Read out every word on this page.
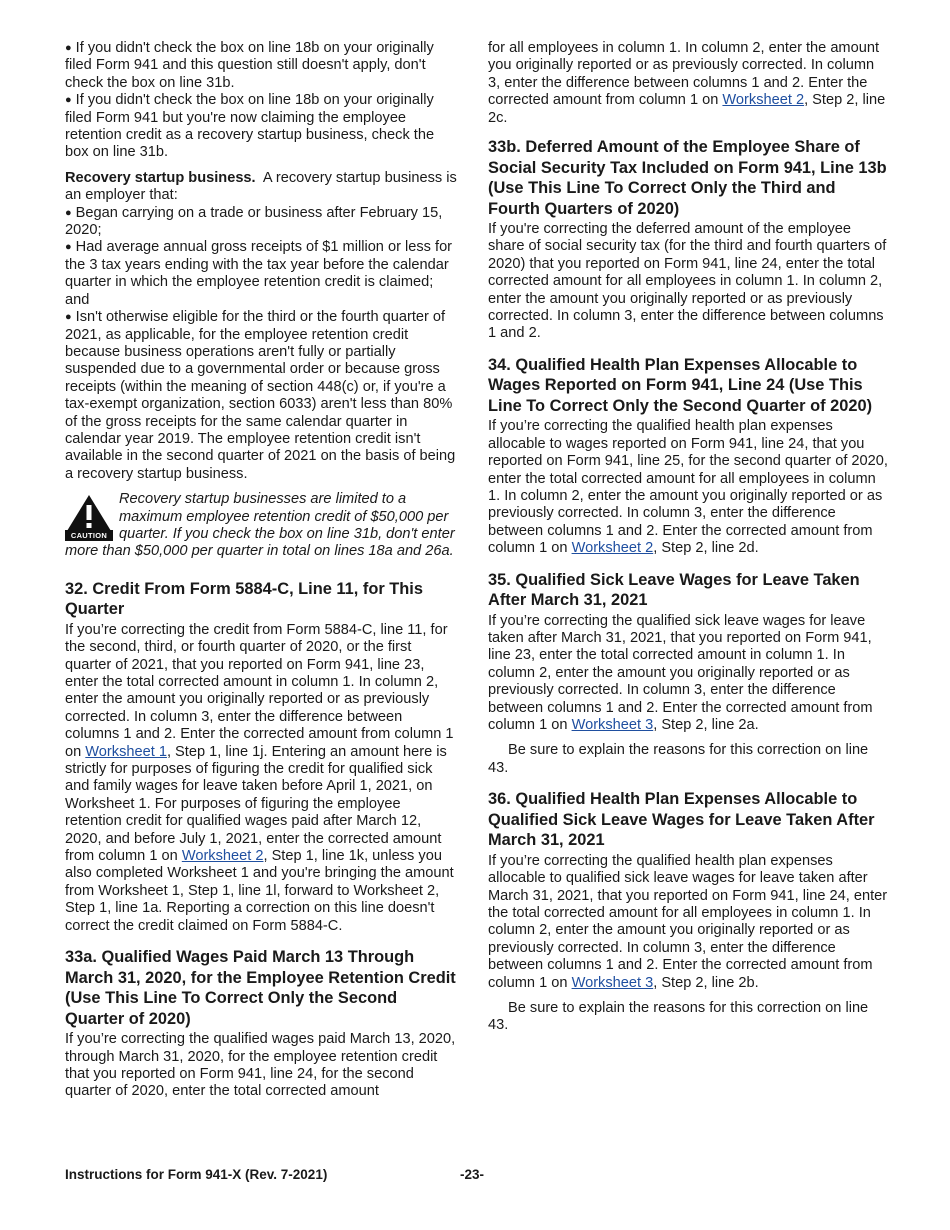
● If you didn't check the box on line 18b on your originally filed Form 941 and this question still doesn't apply, don't check the box on line 31b.

● If you didn't check the box on line 18b on your originally filed Form 941 but you're now claiming the employee retention credit as a recovery startup business, check the box on line 31b.

Recovery startup business. A recovery startup business is an employer that:

● Began carrying on a trade or business after February 15, 2020;

● Had average annual gross receipts of $1 million or less for the 3 tax years ending with the tax year before the calendar quarter in which the employee retention credit is claimed; and

● Isn't otherwise eligible for the third or the fourth quarter of 2021, as applicable, for the employee retention credit because business operations aren't fully or partially suspended due to a governmental order or because gross receipts (within the meaning of section 448(c) or, if you're a tax-exempt organization, section 6033) aren't less than 80% of the gross receipts for the same calendar quarter in calendar year 2019. The employee retention credit isn't available in the second quarter of 2021 on the basis of being a recovery startup business.

CAUTION
Recovery startup businesses are limited to a maximum employee retention credit of $50,000 per quarter. If you check the box on line 31b, don't enter more than $50,000 per quarter in total on lines 18a and 26a.
32. Credit From Form 5884-C, Line 11, for This Quarter

If you’re correcting the credit from Form 5884-C, line 11, for the second, third, or fourth quarter of 2020, or the first quarter of 2021, that you reported on Form 941, line 23, enter the total corrected amount in column 1. In column 2, enter the amount you originally reported or as previously corrected. In column 3, enter the difference between columns 1 and 2. Enter the corrected amount from column 1 on Worksheet 1, Step 1, line 1j. Entering an amount here is strictly for purposes of figuring the credit for qualified sick and family wages for leave taken before April 1, 2021, on Worksheet 1. For purposes of figuring the employee retention credit for qualified wages paid after March 12, 2020, and before July 1, 2021, enter the corrected amount from column 1 on Worksheet 2, Step 1, line 1k, unless you also completed Worksheet 1 and you're bringing the amount from Worksheet 1, Step 1, line 1l, forward to Worksheet 2, Step 1, line 1a. Reporting a correction on this line doesn't correct the credit claimed on Form 5884-C.

33a. Qualified Wages Paid March 13 Through March 31, 2020, for the Employee Retention Credit (Use This Line To Correct Only the Second Quarter of 2020)

If you’re correcting the qualified wages paid March 13, 2020, through March 31, 2020, for the employee retention credit that you reported on Form 941, line 24, for the second quarter of 2020, enter the total corrected amount

for all employees in column 1. In column 2, enter the amount you originally reported or as previously corrected. In column 3, enter the difference between columns 1 and 2. Enter the corrected amount from column 1 on Worksheet 2, Step 2, line 2c.

33b. Deferred Amount of the Employee Share of Social Security Tax Included on Form 941, Line 13b (Use This Line To Correct Only the Third and Fourth Quarters of 2020)

If you're correcting the deferred amount of the employee share of social security tax (for the third and fourth quarters of 2020) that you reported on Form 941, line 24, enter the total corrected amount for all employees in column 1. In column 2, enter the amount you originally reported or as previously corrected. In column 3, enter the difference between columns 1 and 2.

34. Qualified Health Plan Expenses Allocable to Wages Reported on Form 941, Line 24 (Use This Line To Correct Only the Second Quarter of 2020)

If you’re correcting the qualified health plan expenses allocable to wages reported on Form 941, line 24, that you reported on Form 941, line 25, for the second quarter of 2020, enter the total corrected amount for all employees in column 1. In column 2, enter the amount you originally reported or as previously corrected. In column 3, enter the difference between columns 1 and 2. Enter the corrected amount from column 1 on Worksheet 2, Step 2, line 2d.

35. Qualified Sick Leave Wages for Leave Taken After March 31, 2021

If you’re correcting the qualified sick leave wages for leave taken after March 31, 2021, that you reported on Form 941, line 23, enter the total corrected amount in column 1. In column 2, enter the amount you originally reported or as previously corrected. In column 3, enter the difference between columns 1 and 2. Enter the corrected amount from column 1 on Worksheet 3, Step 2, line 2a.

Be sure to explain the reasons for this correction on line 43.

36. Qualified Health Plan Expenses Allocable to Qualified Sick Leave Wages for Leave Taken After March 31, 2021

If you’re correcting the qualified health plan expenses allocable to qualified sick leave wages for leave taken after March 31, 2021, that you reported on Form 941, line 24, enter the total corrected amount for all employees in column 1. In column 2, enter the amount you originally reported or as previously corrected. In column 3, enter the difference between columns 1 and 2. Enter the corrected amount from column 1 on Worksheet 3, Step 2, line 2b.

Be sure to explain the reasons for this correction on line 43.

Instructions for Form 941-X (Rev. 7-2021)	-23-
